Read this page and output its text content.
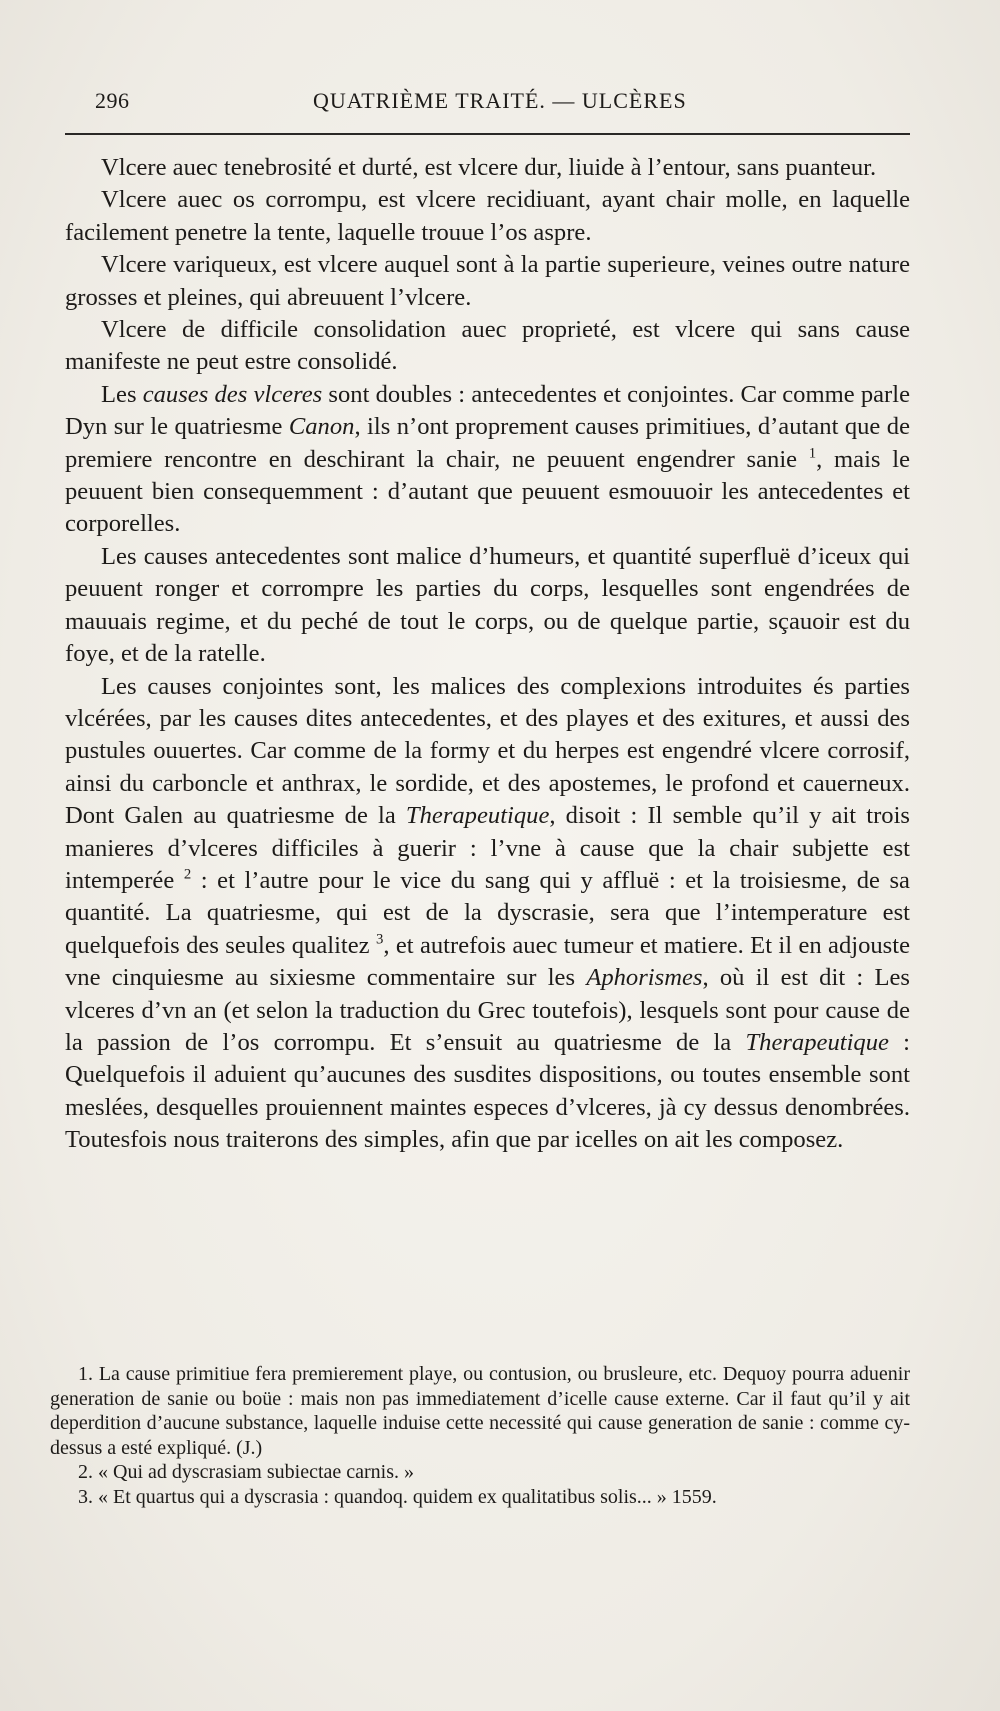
296	QUATRIÈME TRAITÉ. — ULCÈRES

Vlcere auec tenebrosité et durté, est vlcere dur, liuide à l’entour, sans puanteur.

Vlcere auec os corrompu, est vlcere recidiuant, ayant chair molle, en laquelle facilement penetre la tente, laquelle trouue l’os aspre.

Vlcere variqueux, est vlcere auquel sont à la partie superieure, veines outre nature grosses et pleines, qui abreuuent l’vlcere.

Vlcere de difficile consolidation auec proprieté, est vlcere qui sans cause manifeste ne peut estre consolidé.

Les causes des vlceres sont doubles : antecedentes et conjointes. Car comme parle Dyn sur le quatriesme Canon, ils n’ont proprement causes primitiues, d’autant que de premiere rencontre en deschirant la chair, ne peuuent engendrer sanie $^1$, mais le peuuent bien consequemment : d’autant que peuuent esmouuoir les antecedentes et corporelles.

Les causes antecedentes sont malice d’humeurs, et quantité superfluë d’iceux qui peuuent ronger et corrompre les parties du corps, lesquelles sont engendrées de mauuais regime, et du peché de tout le corps, ou de quelque partie, sçauoir est du foye, et de la ratelle.

Les causes conjointes sont, les malices des complexions introduites és parties vlcérées, par les causes dites antecedentes, et des playes et des exitures, et aussi des pustules ouuertes. Car comme de la formy et du herpes est engendré vlcere corrosif, ainsi du carboncle et anthrax, le sordide, et des apostemes, le profond et cauerneux. Dont Galen au quatriesme de la Therapeutique, disoit : Il semble qu’il y ait trois manieres d’vlceres difficiles à guerir : l’vne à cause que la chair subjette est intemperée $^2$ : et l’autre pour le vice du sang qui y affluë : et la troisiesme, de sa quantité. La quatriesme, qui est de la dyscrasie, sera que l’intemperature est quelquefois des seules qualitez $^3$, et autrefois auec tumeur et matiere. Et il en adjouste vne cinquiesme au sixiesme commentaire sur les Aphorismes, où il est dit : Les vlceres d’vn an (et selon la traduction du Grec toutefois), lesquels sont pour cause de la passion de l’os corrompu. Et s’ensuit au quatriesme de la Therapeutique : Quelquefois il aduient qu’aucunes des susdites dispositions, ou toutes ensemble sont meslées, desquelles prouiennent maintes especes d’vlceres, jà cy dessus denombrées. Toutesfois nous traiterons des simples, afin que par icelles on ait les composez.

1. La cause primitiue fera premierement playe, ou contusion, ou brusleure, etc. Dequoy pourra aduenir generation de sanie ou boüe : mais non pas immediatement d’icelle cause externe. Car il faut qu’il y ait deperdition d’aucune substance, laquelle induise cette necessité qui cause generation de sanie : comme cy-dessus a esté expliqué. (J.)

2. « Qui ad dyscrasiam subiectae carnis. »

3. « Et quartus qui a dyscrasia : quandoq. quidem ex qualitatibus solis... » 1559.
